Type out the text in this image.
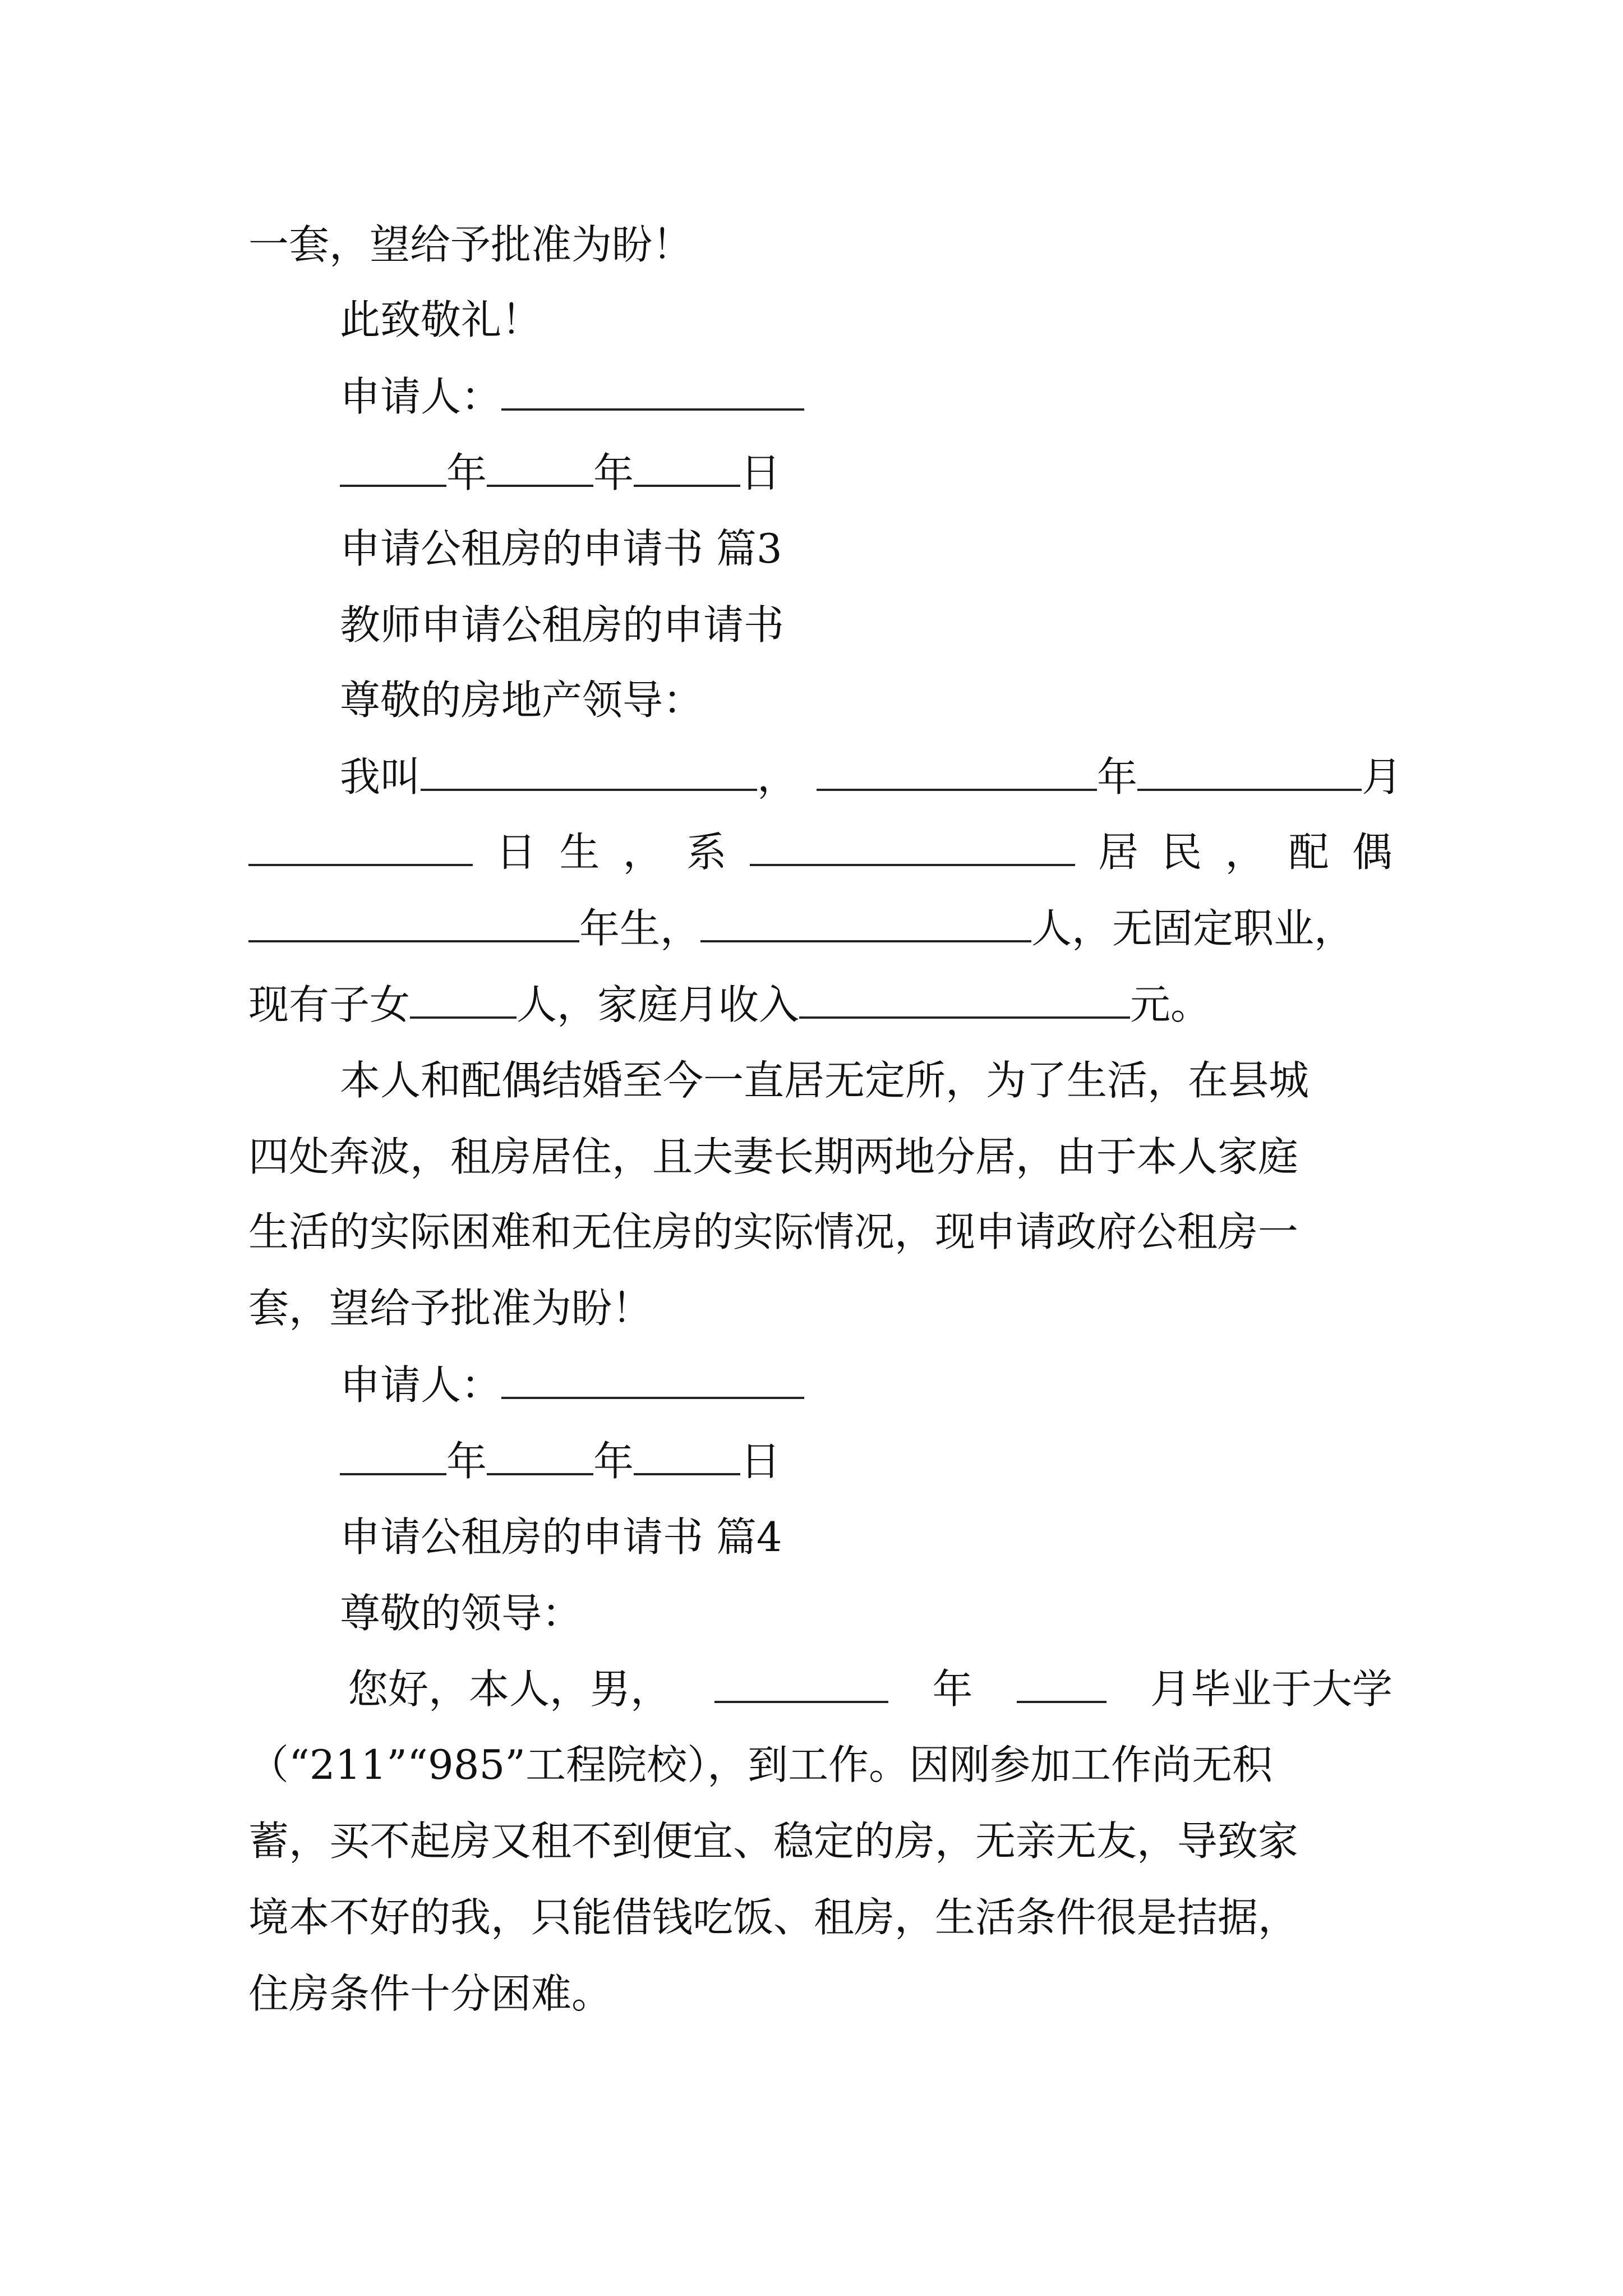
一套，望给予批准为盼！
此致敬礼！
申请人：
年	年	日
申请公租房的申请书 篇3
教师申请公租房的申请书
尊敬的房地产领导：
我叫	，	年	月
日 生 ， 系	居 民 ， 配 偶
年生，	人，无固定职业，
现有子女	人，家庭月收入	元。
本人和配偶结婚至今一直居无定所，为了生活，在县城
四处奔波，租房居住，且夫妻长期两地分居，由于本人家庭
生活的实际困难和无住房的实际情况，现申请政府公租房一
套，望给予批准为盼！
申请人：
年	年	日
申请公租房的申请书 篇4
尊敬的领导：
您好，本人，男，	年	月毕业于大学
（“211”“985”工程院校），到工作。因刚参加工作尚无积
蓄，买不起房又租不到便宜、稳定的房，无亲无友，导致家
境本不好的我，只能借钱吃饭、租房，生活条件很是拮据，
住房条件十分困难。
